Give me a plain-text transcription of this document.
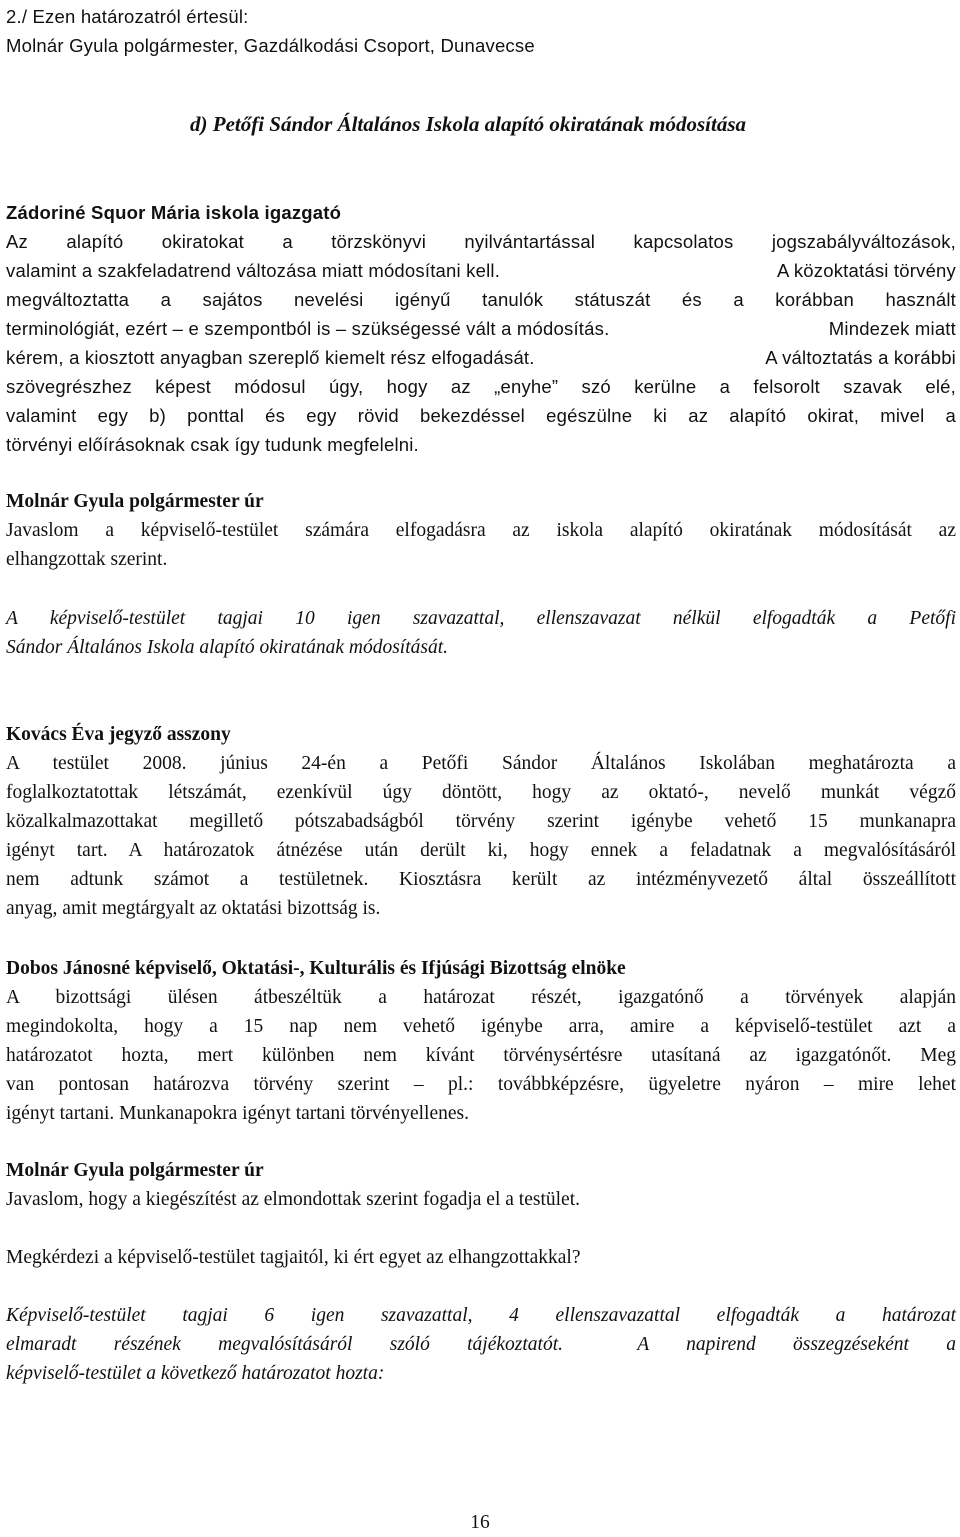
2./ Ezen határozatról értesül:
Molnár Gyula polgármester, Gazdálkodási Csoport, Dunavecse
d) Petőfi Sándor Általános Iskola alapító okiratának módosítása
Zádoriné Squor Mária iskola igazgató
Az alapító okiratokat a törzskönyvi nyilvántartással kapcsolatos jogszabályváltozások,
valamint a szakfeladatrend változása miatt módosítani kell.	A közoktatási törvény
megváltoztatta a sajátos nevelési igényű tanulók státuszát és a korábban használt
terminológiát, ezért – e szempontból is – szükségessé vált a módosítás.	Mindezek miatt
kérem, a kiosztott anyagban szereplő kiemelt rész elfogadását.	A változtatás a korábbi
szövegrészhez képest módosul úgy, hogy az „enyhe” szó kerülne a felsorolt szavak elé,
valamint egy b) ponttal és egy rövid bekezdéssel egészülne ki az alapító okirat, mivel a
törvényi előírásoknak csak így tudunk megfelelni.
Molnár Gyula polgármester úr
Javaslom a képviselő-testület számára elfogadásra az iskola alapító okiratának módosítását az
elhangzottak szerint.
A képviselő-testület tagjai 10 igen szavazattal, ellenszavazat nélkül elfogadták a Petőfi
Sándor Általános Iskola alapító okiratának módosítását.
Kovács Éva jegyző asszony
A testület 2008. június 24-én a Petőfi Sándor Általános Iskolában meghatározta a
foglalkoztatottak létszámát, ezenkívül úgy döntött, hogy az oktató-, nevelő munkát végző
közalkalmazottakat megillető pótszabadságból törvény szerint igénybe vehető 15 munkanapra
igényt tart. A határozatok átnézése után derült ki, hogy ennek a feladatnak a megvalósításáról
nem adtunk számot a testületnek. Kiosztásra került az intézményvezető által összeállított
anyag, amit megtárgyalt az oktatási bizottság is.
Dobos Jánosné képviselő, Oktatási-, Kulturális és Ifjúsági Bizottság elnöke
A bizottsági ülésen átbeszéltük a határozat részét, igazgatónő a törvények alapján
megindokolta, hogy a 15 nap nem vehető igénybe arra, amire a képviselő-testület azt a
határozatot hozta, mert különben nem kívánt törvénysértésre utasítaná az igazgatónőt. Meg
van pontosan határozva törvény szerint – pl.: továbbképzésre, ügyeletre nyáron – mire lehet
igényt tartani. Munkanapokra igényt tartani törvényellenes.
Molnár Gyula polgármester úr
Javaslom, hogy a kiegészítést az elmondottak szerint fogadja el a testület.
Megkérdezi a képviselő-testület tagjaitól, ki ért egyet az elhangzottakkal?
Képviselő-testület tagjai 6 igen szavazattal, 4 ellenszavazattal elfogadták a határozat
elmaradt részének megvalósításáról szóló tájékoztatót.  A napirend összegzéseként a
képviselő-testület a következő határozatot hozta:
16
